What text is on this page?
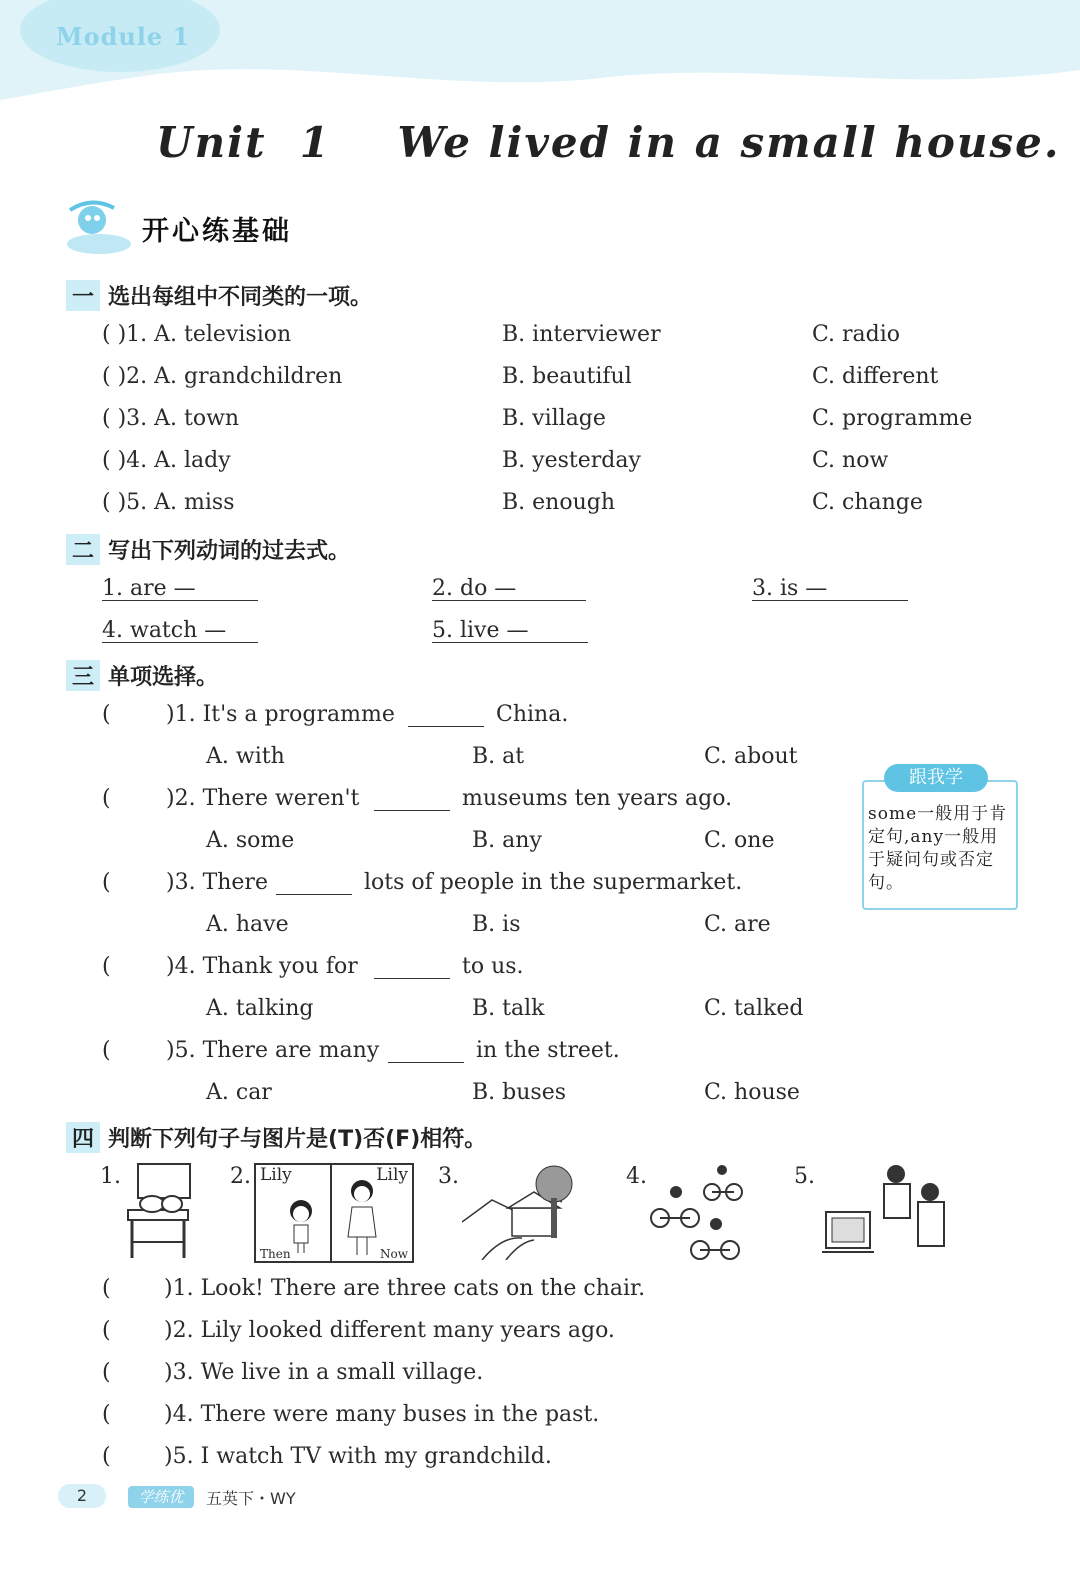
Module 1
Unit  1    We lived in a small house.
开心练基础
一 选出每组中不同类的一项。
( )1. A. television	B. interviewer	C. radio
( )2. A. grandchildren	B. beautiful	C. different
( )3. A. town	B. village	C. programme
( )4. A. lady	B. yesterday	C. now
( )5. A. miss	B. enough	C. change
二 写出下列动词的过去式。
1. are —	2. do —	3. is —
4. watch —	5. live —
三 单项选择。
(	)1. It's a programme	China.
A. with	B. at	C. about
(	)2. There weren't	museums ten years ago.
A. some	B. any	C. one
(	)3. There	lots of people in the supermarket.
A. have	B. is	C. are
(	)4. Thank you for	to us.
A. talking	B. talk	C. talked
(	)5. There are many	in the street.
A. car	B. buses	C. house
跟我学
some一般用于肯定句,any一般用于疑问句或否定句。
四 判断下列句子与图片是(T)否(F)相符。
1.	2. Lily	Lily
Then	Now
3.	4.	5.
( )1. Look! There are three cats on the chair.
( )2. Lily looked different many years ago.
( )3. We live in a small village.
( )4. There were many buses in the past.
( )5. I watch TV with my grandchild.
2	学练优	五英下・WY
